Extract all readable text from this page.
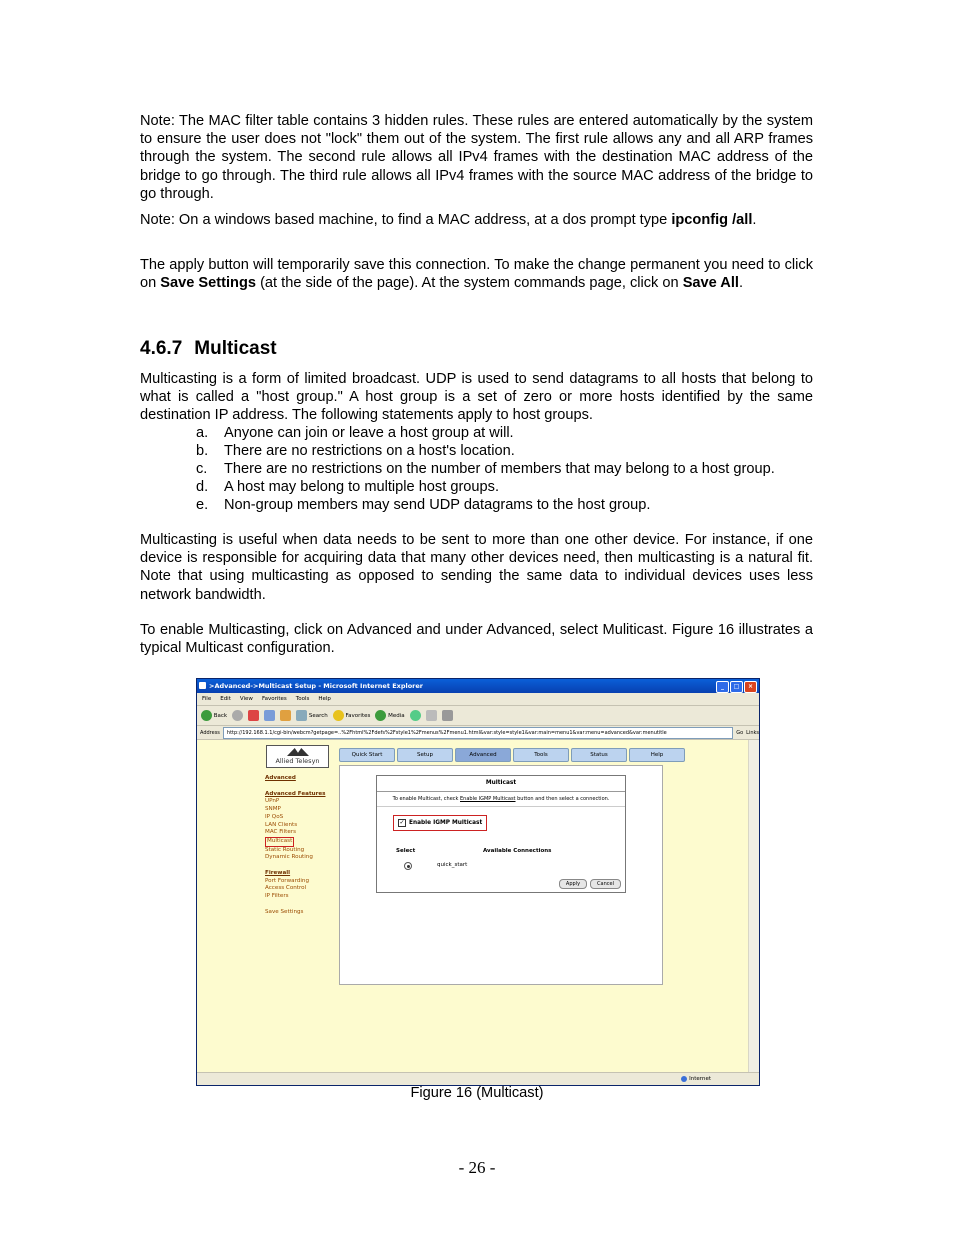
Note: The MAC filter table contains 3 hidden rules. These rules are entered automatically by the system to ensure the user does not "lock" them out of the system. The first rule allows any and all ARP frames through the system. The second rule allows all IPv4 frames with the destination MAC address of the bridge to go through. The third rule allows all IPv4 frames with the source MAC address of the bridge to go through.

Note: On a windows based machine, to find a MAC address, at a dos prompt type ipconfig /all.

The apply button will temporarily save this connection. To make the change permanent you need to click on Save Settings (at the side of the page). At the system commands page, click on Save All.

4.6.7 Multicast

Multicasting is a form of limited broadcast. UDP is used to send datagrams to all hosts that belong to what is called a "host group." A host group is a set of zero or more hosts identified by the same destination IP address. The following statements apply to host groups.

a.	Anyone can join or leave a host group at will.
b.	There are no restrictions on a host's location.
c.	There are no restrictions on the number of members that may belong to a host group.
d.	A host may belong to multiple host groups.
e.	Non-group members may send UDP datagrams to the host group.

Multicasting is useful when data needs to be sent to more than one other device. For instance, if one device is responsible for acquiring data that many other devices need, then multicasting is a natural fit. Note that using multicasting as opposed to sending the same data to individual devices uses less network bandwidth.

To enable Multicasting, click on Advanced and under Advanced, select Muliticast. Figure 16 illustrates a typical Multicast configuration.

>Advanced->Multicast Setup - Microsoft Internet Explorer	_	□	×
File Edit View Favorites Tools Help
Back	Search	Favorites	Media
Address	http://192.168.1.1/cgi-bin/webcm?getpage=..%2Fhtml%2Fdefs%2Fstyle1%2Fmenus%2Fmenu1.html&var:style=style1&var:main=menu1&var:menu=advanced&var:menutitle	Go Links
Allied Telesyn
Quick Start	Setup	Advanced	Tools	Status	Help
Advanced
Advanced Features
UPnP
SNMP
IP QoS
LAN Clients
MAC Filters
Multicast
Static Routing
Dynamic Routing
Firewall
Port Forwarding
Access Control
IP Filters
Save Settings
Multicast
To enable Multicast, check Enable IGMP Multicast button and then select a connection.
✓ Enable IGMP Multicast
Select	Available Connections
quick_start
Apply	Cancel
Internet
Figure 16 (Multicast)
- 26 -
